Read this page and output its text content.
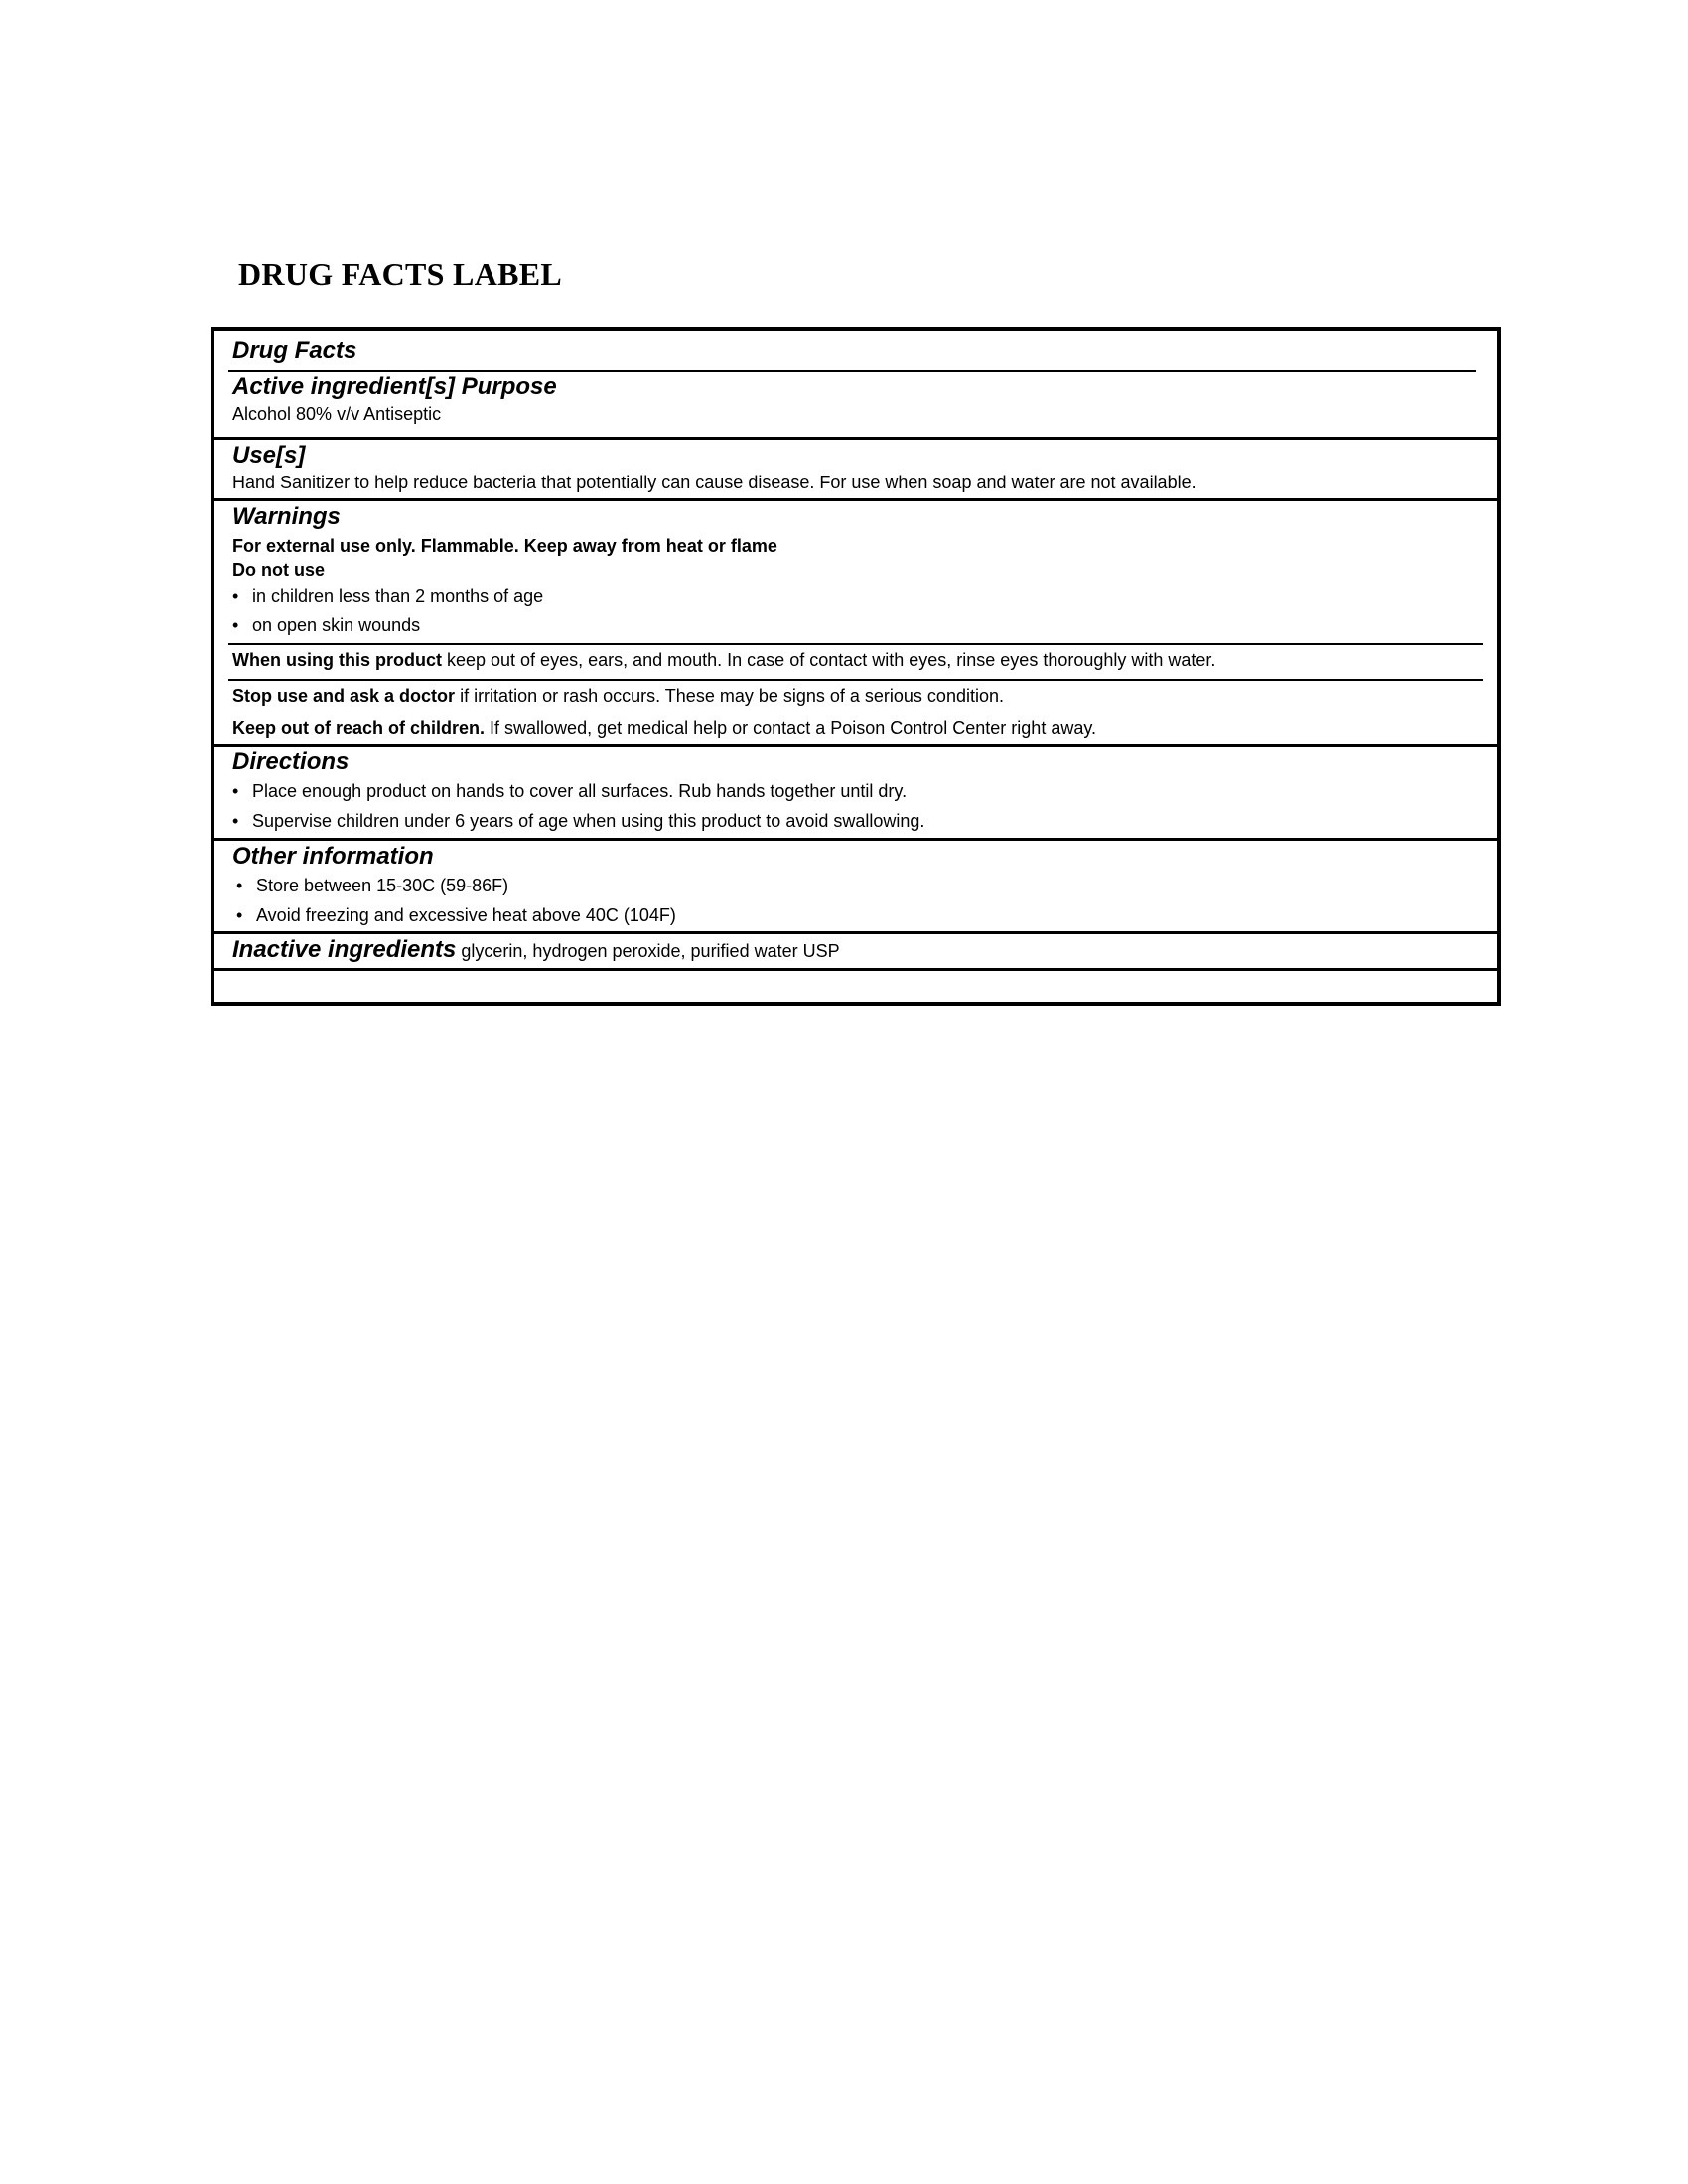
DRUG FACTS LABEL

Drug Facts

Active ingredient[s] Purpose

Alcohol 80% v/v Antiseptic

Use[s]

Hand Sanitizer to help reduce bacteria that potentially can cause disease. For use when soap and water are not available.

Warnings

For external use only. Flammable. Keep away from heat or flame

Do not use

• in children less than 2 months of age
• on open skin wounds

When using this product keep out of eyes, ears, and mouth. In case of contact with eyes, rinse eyes thoroughly with water.

Stop use and ask a doctor if irritation or rash occurs. These may be signs of a serious condition.

Keep out of reach of children. If swallowed, get medical help or contact a Poison Control Center right away.

Directions

• Place enough product on hands to cover all surfaces. Rub hands together until dry.
• Supervise children under 6 years of age when using this product to avoid swallowing.

Other information

• Store between 15-30C (59-86F)
• Avoid freezing and excessive heat above 40C (104F)

Inactive ingredients glycerin, hydrogen peroxide, purified water USP
